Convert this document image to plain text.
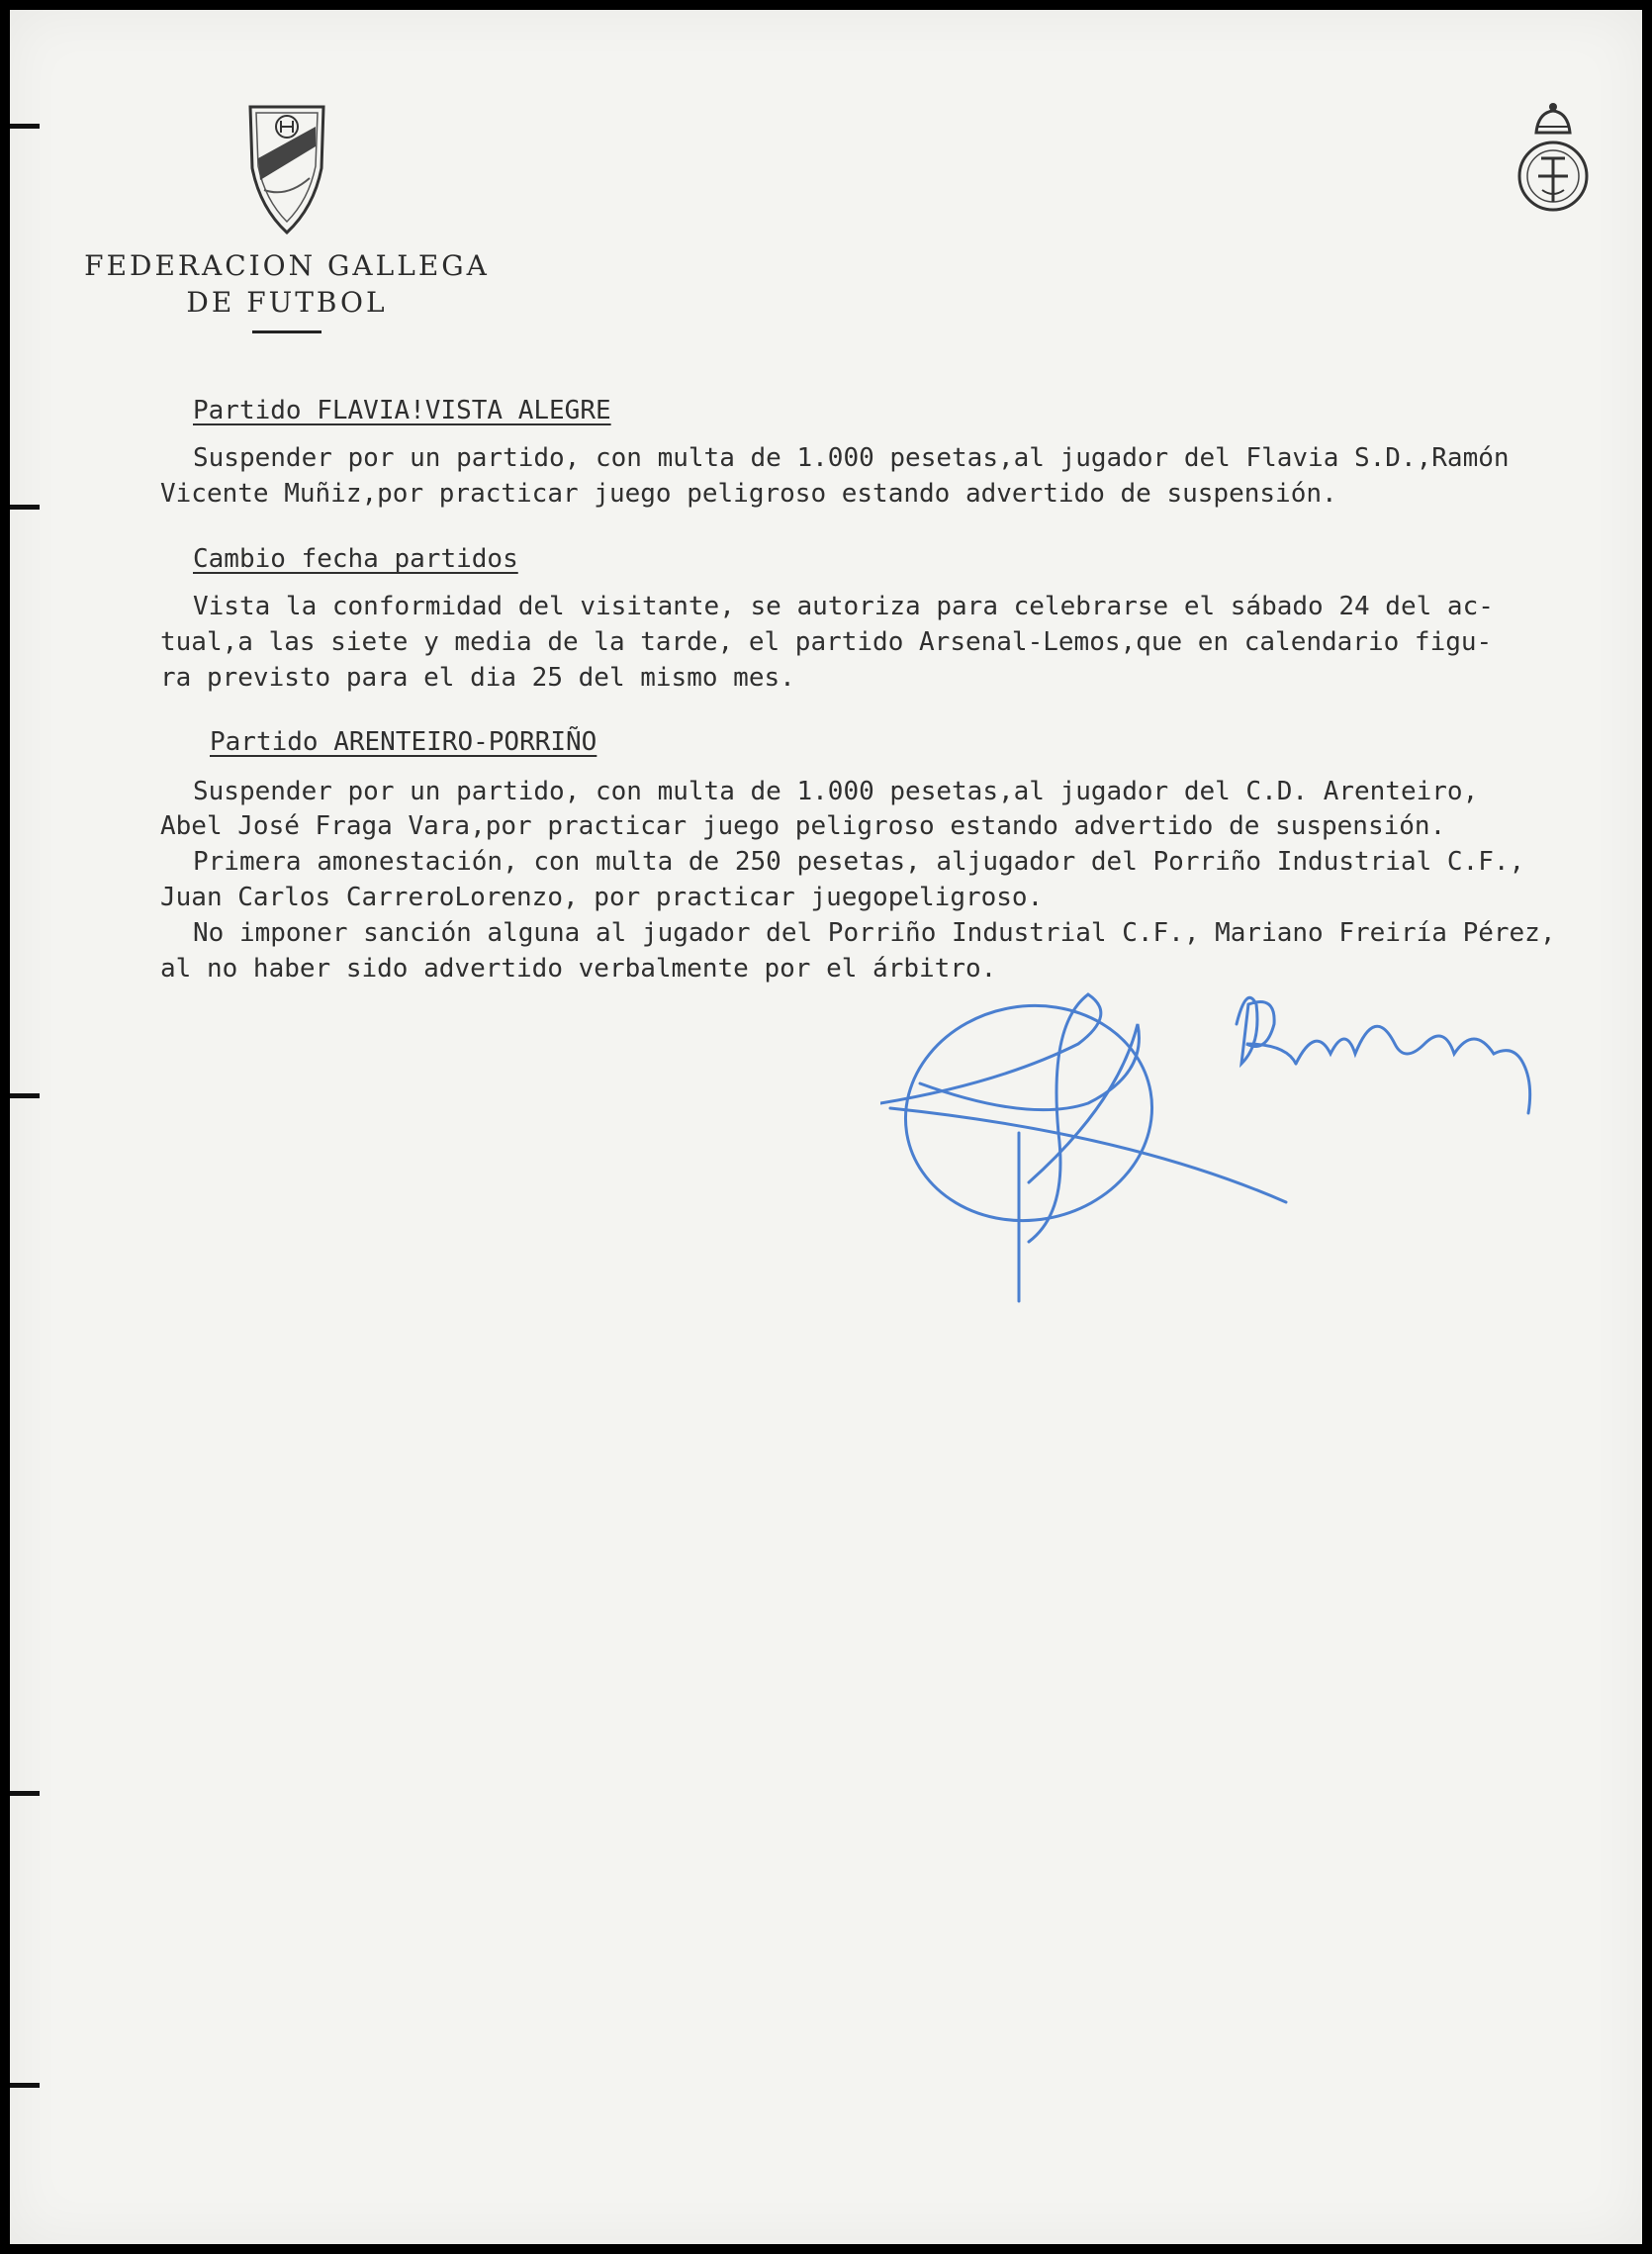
FEDERACION GALLEGA
DE FUTBOL
Partido FLAVIA!VISTA ALEGRE
Suspender por un partido, con multa de 1.000 pesetas,al jugador del Flavia S.D.,Ramón
Vicente Muñiz,por practicar juego peligroso estando advertido de suspensión.
Cambio fecha partidos
Vista la conformidad del visitante, se autoriza para celebrarse el sábado 24 del ac-
tual,a las siete y media de la tarde, el partido Arsenal-Lemos,que en calendario figu-
ra previsto para el dia 25 del mismo mes.
Partido ARENTEIRO-PORRIÑO
Suspender por un partido, con multa de 1.000 pesetas,al jugador del C.D. Arenteiro,
Abel José Fraga Vara,por practicar juego peligroso estando advertido de suspensión.
Primera amonestación, con multa de 250 pesetas, aljugador del Porriño Industrial C.F.,
Juan Carlos CarreroLorenzo, por practicar juegopeligroso.
No imponer sanción alguna al jugador del Porriño Industrial C.F., Mariano Freiría Pérez,
al no haber sido advertido verbalmente por el árbitro.
